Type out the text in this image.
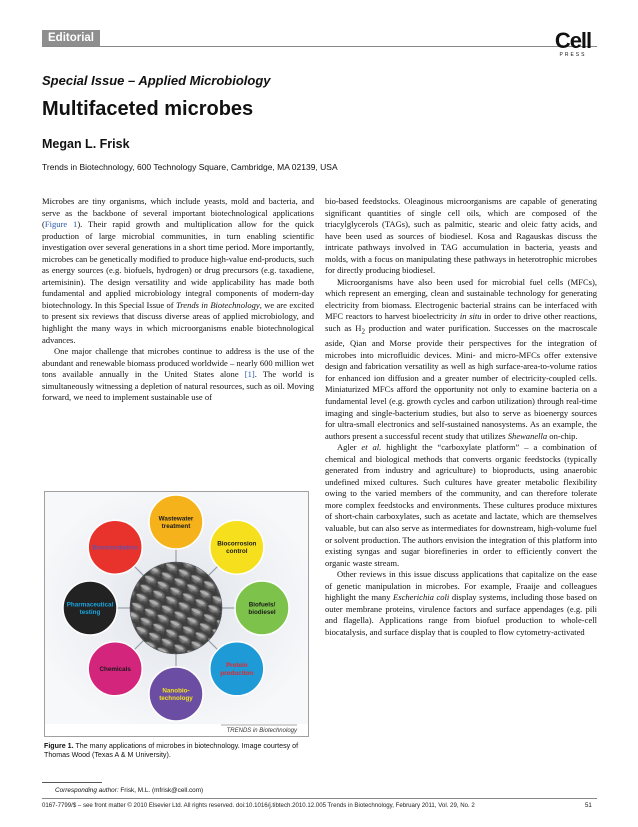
Editorial	Cell
PRESS
Special Issue – Applied Microbiology
Multifaceted microbes
Megan L. Frisk
Trends in Biotechnology, 600 Technology Square, Cambridge, MA 02139, USA

Microbes are tiny organisms, which include yeasts, mold and bacteria, and serve as the backbone of several important biotechnological applications (Figure 1). Their rapid growth and multiplication allow for the quick production of large microbial communities, in turn enabling scientific investigation over several generations in a short time period. More importantly, microbes can be genetically modified to produce high-value end-products, such as energy sources (e.g. biofuels, hydrogen) or drug precursors (e.g. taxadiene, artemisinin). The design versatility and wide applicability has made both fundamental and applied microbiology integral components of modern-day biotechnology. In this Special Issue of Trends in Biotechnology, we are excited to present six reviews that discuss diverse areas of applied microbiology, and highlight the many ways in which microorganisms enable biotechnological advances.

One major challenge that microbes continue to address is the use of the abundant and renewable biomass produced worldwide – nearly 600 million wet tons available annually in the United States alone [1]. The world is simultaneously witnessing a depletion of natural resources, such as oil. Moving forward, we need to implement sustainable use of

Wastewater treatment
Biocorrosion control
Biofuels/ biodiesel
Protein production
Nanobio-technology
Chemicals
Pharmaceutical testing
Bioremediation
TRENDS in Biotechnology
Figure 1. The many applications of microbes in biotechnology. Image courtesy of Thomas Wood (Texas A & M University).

bio-based feedstocks. Oleaginous microorganisms are capable of generating significant quantities of single cell oils, which are composed of the triacylglycerols (TAGs), such as palmitic, stearic and oleic fatty acids, and have been used as sources of biodiesel. Kosa and Ragauskas discuss the intricate pathways involved in TAG accumulation in bacteria, yeasts and molds, with a focus on manipulating these pathways in heterotrophic microbes for directly producing biodiesel.

Microorganisms have also been used for microbial fuel cells (MFCs), which represent an emerging, clean and sustainable technology for generating electricity from biomass. Electrogenic bacterial strains can be interfaced with MFC reactors to harvest bioelectricity in situ in order to drive other reactions, such as $H_2$ production and water purification. Successes on the macroscale aside, Qian and Morse provide their perspectives for the integration of microbes into microfluidic devices. Mini- and micro-MFCs offer extensive design and fabrication versatility as well as high surface-area-to-volume ratios for enhanced ion diffusion and a greater number of electricity-coupled cells. Miniaturized MFCs afford the opportunity not only to examine bacteria on a fundamental level (e.g. growth cycles and carbon utilization) through real-time imaging and single-bacterium studies, but also to serve as bioenergy sources for ultra-small electronics and self-sustained nanosystems. As an example, the authors present a successful recent study that utilizes Shewanella on-chip.

Agler et al. highlight the “carboxylate platform” – a combination of chemical and biological methods that converts organic feedstocks (typically generated from industry and agriculture) to bioproducts, using anaerobic undefined mixed cultures. Such cultures have greater metabolic flexibility owing to the varied members of the community, and can therefore tolerate more complex feedstocks and environments. These cultures produce mixtures of short-chain carboxylates, such as acetate and lactate, which are themselves valuable, but can also serve as intermediates for downstream, high-volume fuel or solvent production. The authors envision the integration of this platform into existing syngas and sugar biorefineries in order to efficiently convert the organic waste stream.

Other reviews in this issue discuss applications that capitalize on the ease of genetic manipulation in microbes. For example, Fraaije and colleagues highlight the many Escherichia coli display systems, including those based on outer membrane proteins, virulence factors and surface appendages (e.g. pili and flagella). Applications range from biofuel production to whole-cell biocatalysis, and surface display that is coupled to flow cytometry-activated

Corresponding author: Frisk, M.L. (mfrisk@cell.com)
0167-7799/$ – see front matter © 2010 Elsevier Ltd. All rights reserved. doi:10.1016/j.tibtech.2010.12.005 Trends in Biotechnology, February 2011, Vol. 29, No. 2	51
